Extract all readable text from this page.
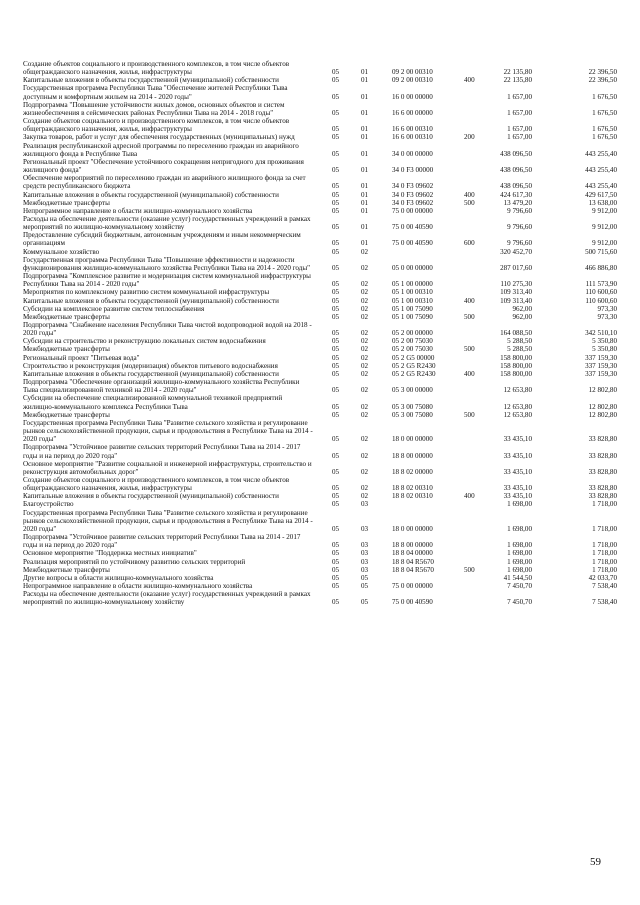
Создание объектов социального и производственного комплексов, в том числе объектов общегражданского назначения, жилья, инфраструктуры	05	01	09 2 00 00310	22 135,80	22 396,50
Капитальные вложения в объекты государственной (муниципальной) собственности	05	01	09 2 00 00310	400	22 135,80	22 396,50
Государственная программа Республики Тыва "Обеспечение жителей Республики Тыва доступным и комфортным жильем на 2014 - 2020 годы"	05	01	16 0 00 00000	1 657,00	1 676,50
Подпрограмма "Повышение устойчивости жилых домов, основных объектов и систем жизнеобеспечения в сейсмических районах Республики Тыва на 2014 - 2018 годы"	05	01	16 6 00 00000	1 657,00	1 676,50
Создание объектов социального и производственного комплексов, в том числе объектов общегражданского назначения, жилья, инфраструктуры	05	01	16 6 00 00310	1 657,00	1 676,50
Закупка товаров, работ и услуг для обеспечения государственных (муниципальных) нужд	05	01	16 6 00 00310	200	1 657,00	1 676,50
Реализация республиканской адресной программы по переселению граждан из аварийного жилищного фонда в Республике Тыва	05	01	34 0 00 00000	438 096,50	443 255,40
Региональный проект "Обеспечение устойчивого сокращения непригодного для проживания жилищного фонда"	05	01	34 0 F3 00000	438 096,50	443 255,40
Обеспечение мероприятий по переселению граждан из аварийного жилищного фонда за счет средств республиканского бюджета	05	01	34 0 F3 09602	438 096,50	443 255,40
Капитальные вложения в объекты государственной (муниципальной) собственности	05	01	34 0 F3 09602	400	424 617,30	429 617,50
Межбюджетные трансферты	05	01	34 0 F3 09602	500	13 479,20	13 638,00
Непрограммное направление в области жилищно-коммунального хозяйства	05	01	75 0 00 00000	9 796,60	9 912,00
Расходы на обеспечение деятельности (оказание услуг) государственных учреждений в рамках мероприятий по жилищно-коммунальному хозяйству	05	01	75 0 00 40590	9 796,60	9 912,00
Предоставление субсидий бюджетным, автономным учреждениям и иным некоммерческим организациям	05	01	75 0 00 40590	600	9 796,60	9 912,00
Коммунальное хозяйство	05	02	320 452,70	500 715,60
Государственная программа Республики Тыва "Повышение эффективности и надежности функционирования жилищно-коммунального хозяйства Республики Тыва на 2014 - 2020 годы"	05	02	05 0 00 00000	287 017,60	466 886,80
Подпрограмма "Комплексное развитие и модернизация систем коммунальной инфраструктуры Республики Тыва на 2014 - 2020 годы"	05	02	05 1 00 00000	110 275,30	111 573,90
Мероприятия по комплексному развитию систем коммунальной инфраструктуры	05	02	05 1 00 00310	109 313,40	110 600,60
Капитальные вложения в объекты государственной (муниципальной) собственности	05	02	05 1 00 00310	400	109 313,40	110 600,60
Субсидии на комплексное развитие систем теплоснабжения	05	02	05 1 00 75090	962,00	973,30
Межбюджетные трансферты	05	02	05 1 00 75090	500	962,00	973,30
Подпрограмма "Снабжение населения Республики Тыва чистой водопроводной водой на 2018 - 2020 годы"	05	02	05 2 00 00000	164 088,50	342 510,10
Субсидии на строительство и реконструкцию локальных систем водоснабжения	05	02	05 2 00 75030	5 288,50	5 350,80
Межбюджетные трансферты	05	02	05 2 00 75030	500	5 288,50	5 350,80
Региональный проект "Питьевая вода"	05	02	05 2 G5 00000	158 800,00	337 159,30
Строительство и реконструкция (модернизация) объектов питьевого водоснабжения	05	02	05 2 G5 R2430	158 800,00	337 159,30
Капитальные вложения в объекты государственной (муниципальной) собственности	05	02	05 2 G5 R2430	400	158 800,00	337 159,30
Подпрограмма "Обеспечение организаций жилищно-коммунального хозяйства Республики Тыва специализированной техникой на 2014 - 2020 годы"	05	02	05 3 00 00000	12 653,80	12 802,80
Субсидии на обеспечение специализированной коммунальной техникой предприятий жилищно-коммунального комплекса Республики Тыва	05	02	05 3 00 75080	12 653,80	12 802,80
Межбюджетные трансферты	05	02	05 3 00 75080	500	12 653,80	12 802,80
Государственная программа Республики Тыва "Развитие сельского хозяйства и регулирование рынков сельскохозяйственной продукции, сырья и продовольствия в Республике Тыва на 2014 - 2020 годы"	05	02	18 0 00 00000	33 435,10	33 828,80
Подпрограмма "Устойчивое развитие сельских территорий Республики Тыва на 2014 - 2017 годы и на период до 2020 года"	05	02	18 8 00 00000	33 435,10	33 828,80
Основное мероприятие "Развитие социальной и инженерной инфраструктуры, строительство и реконструкция автомобильных дорог"	05	02	18 8 02 00000	33 435,10	33 828,80
Создание объектов социального и производственного комплексов, в том числе объектов общегражданского назначения, жилья, инфраструктуры	05	02	18 8 02 00310	33 435,10	33 828,80
Капитальные вложения в объекты государственной (муниципальной) собственности	05	02	18 8 02 00310	400	33 435,10	33 828,80
Благоустройство	05	03	1 698,00	1 718,00
Государственная программа Республики Тыва "Развитие сельского хозяйства и регулирование рынков сельскохозяйственной продукции, сырья и продовольствия в Республике Тыва на 2014 - 2020 годы"	05	03	18 0 00 00000	1 698,00	1 718,00
Подпрограмма "Устойчивое развитие сельских территорий Республики Тыва на 2014 - 2017 годы и на период до 2020 года"	05	03	18 8 00 00000	1 698,00	1 718,00
Основное мероприятие "Поддержка местных инициатив"	05	03	18 8 04 00000	1 698,00	1 718,00
Реализация мероприятий по устойчивому развитию сельских территорий	05	03	18 8 04 R5670	1 698,00	1 718,00
Межбюджетные трансферты	05	03	18 8 04 R5670	500	1 698,00	1 718,00
Другие вопросы в области жилищно-коммунального хозяйства	05	05	41 544,50	42 033,70
Непрограммное направление в области жилищно-коммунального хозяйства	05	05	75 0 00 00000	7 450,70	7 538,40
Расходы на обеспечение деятельности (оказание услуг) государственных учреждений в рамках мероприятий по жилищно-коммунальному хозяйству	05	05	75 0 00 40590	7 450,70	7 538,40
59
